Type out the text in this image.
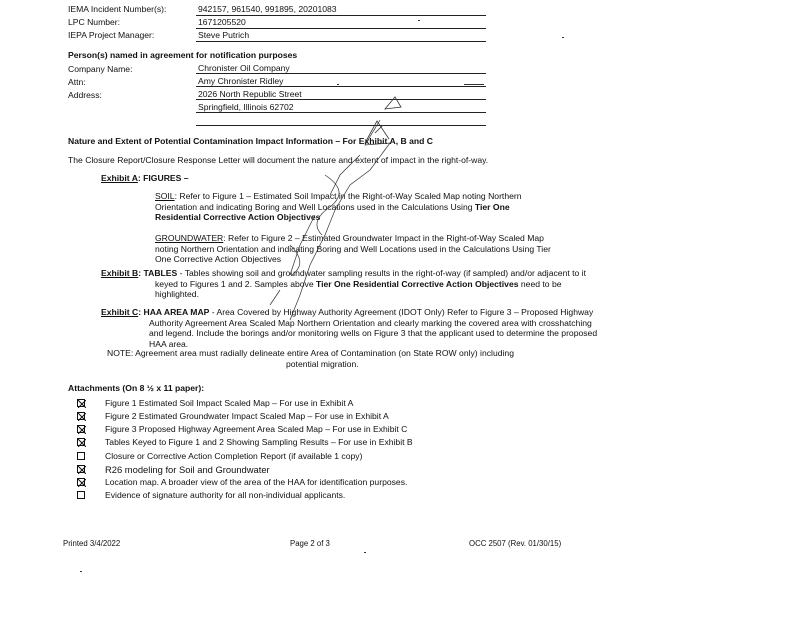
IEMA Incident Number(s):	942157, 961540, 991895, 20201083
LPC Number:	1671205520
IEPA Project Manager:	Steve Putrich
Person(s) named in agreement for notification purposes
Company Name:	Chronister Oil Company
Attn:	Amy Chronister Ridley
Address:	2026 North Republic Street
Springfield, Illinois 62702
Nature and Extent of Potential Contamination Impact Information – For Exhibit A, B and C
The Closure Report/Closure Response Letter will document the nature and extent of impact in the right-of-way.
Exhibit A: FIGURES –
SOIL: Refer to Figure 1 – Estimated Soil Impact in the Right-of-Way Scaled Map noting Northern Orientation and indicating Boring and Well Locations used in the Calculations Using Tier One Residential Corrective Action Objectives
GROUNDWATER: Refer to Figure 2 – Estimated Groundwater Impact in the Right-of-Way Scaled Map noting Northern Orientation and indicating Boring and Well Locations used in the Calculations Using Tier One Corrective Action Objectives
Exhibit B: TABLES - Tables showing soil and groundwater sampling results in the right-of-way (if sampled) and/or adjacent to it keyed to Figures 1 and 2. Samples above Tier One Residential Corrective Action Objectives need to be highlighted.
Exhibit C: HAA AREA MAP - Area Covered by Highway Authority Agreement (IDOT Only) Refer to Figure 3 – Proposed Highway Authority Agreement Area Scaled Map Northern Orientation and clearly marking the covered area with crosshatching and legend. Include the borings and/or monitoring wells on Figure 3 that the applicant used to determine the proposed HAA area.
NOTE: Agreement area must radially delineate entire Area of Contamination (on State ROW only) including
potential migration.
Attachments (On 8 ½ x 11 paper):
Figure 1 Estimated Soil Impact Scaled Map – For use in Exhibit A
Figure 2 Estimated Groundwater Impact Scaled Map – For use in Exhibit A
Figure 3 Proposed Highway Agreement Area Scaled Map – For use in Exhibit C
Tables Keyed to Figure 1 and 2 Showing Sampling Results – For use in Exhibit B
Closure or Corrective Action Completion Report (if available 1 copy)
R26 modeling for Soil and Groundwater
Location map. A broader view of the area of the HAA for identification purposes.
Evidence of signature authority for all non-individual applicants.
Printed 3/4/2022	Page 2 of 3	OCC 2507 (Rev. 01/30/15)
